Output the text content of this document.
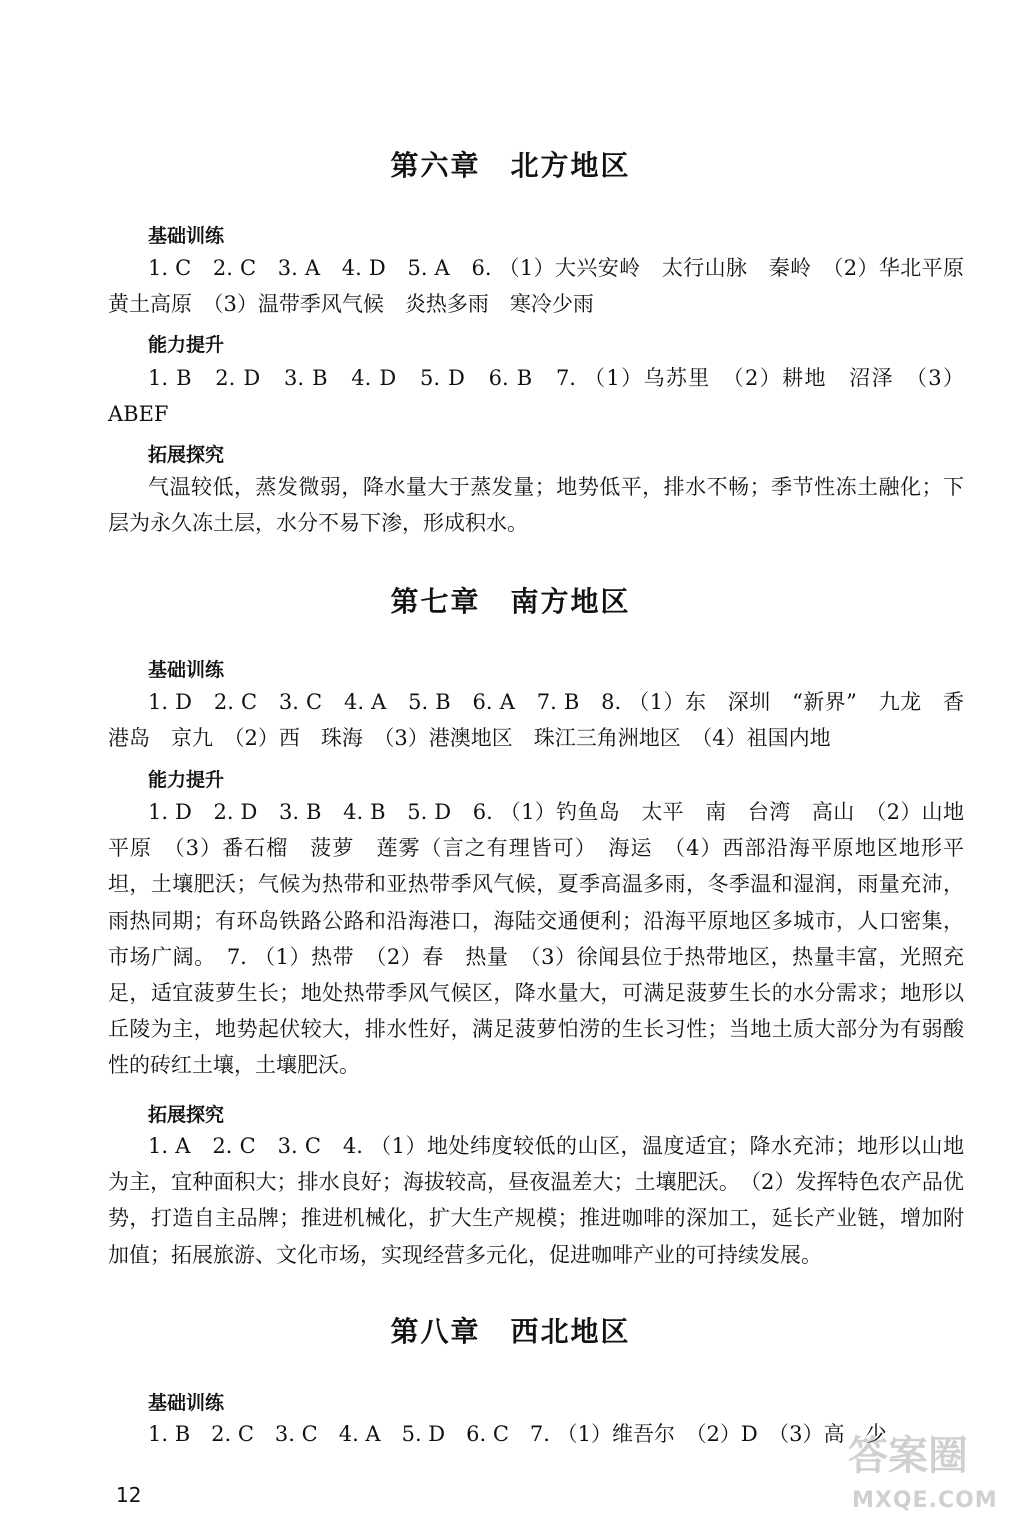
第六章　北方地区
基础训练
1. C　2. C　3. A　4. D　5. A　6. （1）大兴安岭　太行山脉　秦岭　（2）华北平原　黄土高原　（3）温带季风气候　炎热多雨　寒冷少雨
能力提升
1. B　2. D　3. B　4. D　5. D　6. B　7. （1）乌苏里　（2）耕地　沼泽　（3）ABEF
拓展探究
气温较低，蒸发微弱，降水量大于蒸发量；地势低平，排水不畅；季节性冻土融化；下层为永久冻土层，水分不易下渗，形成积水。
第七章　南方地区
基础训练
1. D　2. C　3. C　4. A　5. B　6. A　7. B　8. （1）东　深圳　“新界”　九龙　香港岛　京九　（2）西　珠海　（3）港澳地区　珠江三角洲地区　（4）祖国内地
能力提升
1. D　2. D　3. B　4. B　5. D　6. （1）钓鱼岛　太平　南　台湾　高山　（2）山地　平原　（3）番石榴　菠萝　莲雾（言之有理皆可）　海运　（4）西部沿海平原地区地形平坦，土壤肥沃；气候为热带和亚热带季风气候，夏季高温多雨，冬季温和湿润，雨量充沛，雨热同期；有环岛铁路公路和沿海港口，海陆交通便利；沿海平原地区多城市，人口密集，市场广阔。　7. （1）热带　（2）春　热量　（3）徐闻县位于热带地区，热量丰富，光照充足，适宜菠萝生长；地处热带季风气候区，降水量大，可满足菠萝生长的水分需求；地形以丘陵为主，地势起伏较大，排水性好，满足菠萝怕涝的生长习性；当地土质大部分为有弱酸性的砖红土壤，土壤肥沃。
拓展探究
1. A　2. C　3. C　4. （1）地处纬度较低的山区，温度适宜；降水充沛；地形以山地为主，宜种面积大；排水良好；海拔较高，昼夜温差大；土壤肥沃。　（2）发挥特色农产品优势，打造自主品牌；推进机械化，扩大生产规模；推进咖啡的深加工，延长产业链，增加附加值；拓展旅游、文化市场，实现经营多元化，促进咖啡产业的可持续发展。
第八章　西北地区
基础训练
1. B　2. C　3. C　4. A　5. D　6. C　7. （1）维吾尔　（2）D　（3）高　少
12
答案圈
MXQE.COM
